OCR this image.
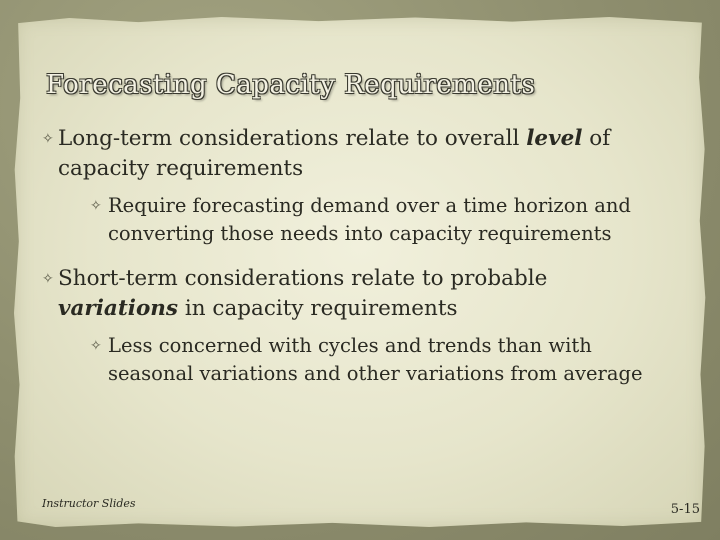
Forecasting Capacity Requirements
✧ Long-term considerations relate to overall level of capacity requirements
✧ Require forecasting demand over a time horizon and converting those needs into capacity requirements
✧ Short-term considerations relate to probable variations in capacity requirements
✧ Less concerned with cycles and trends than with seasonal variations and other variations from average
Instructor Slides	5-15
